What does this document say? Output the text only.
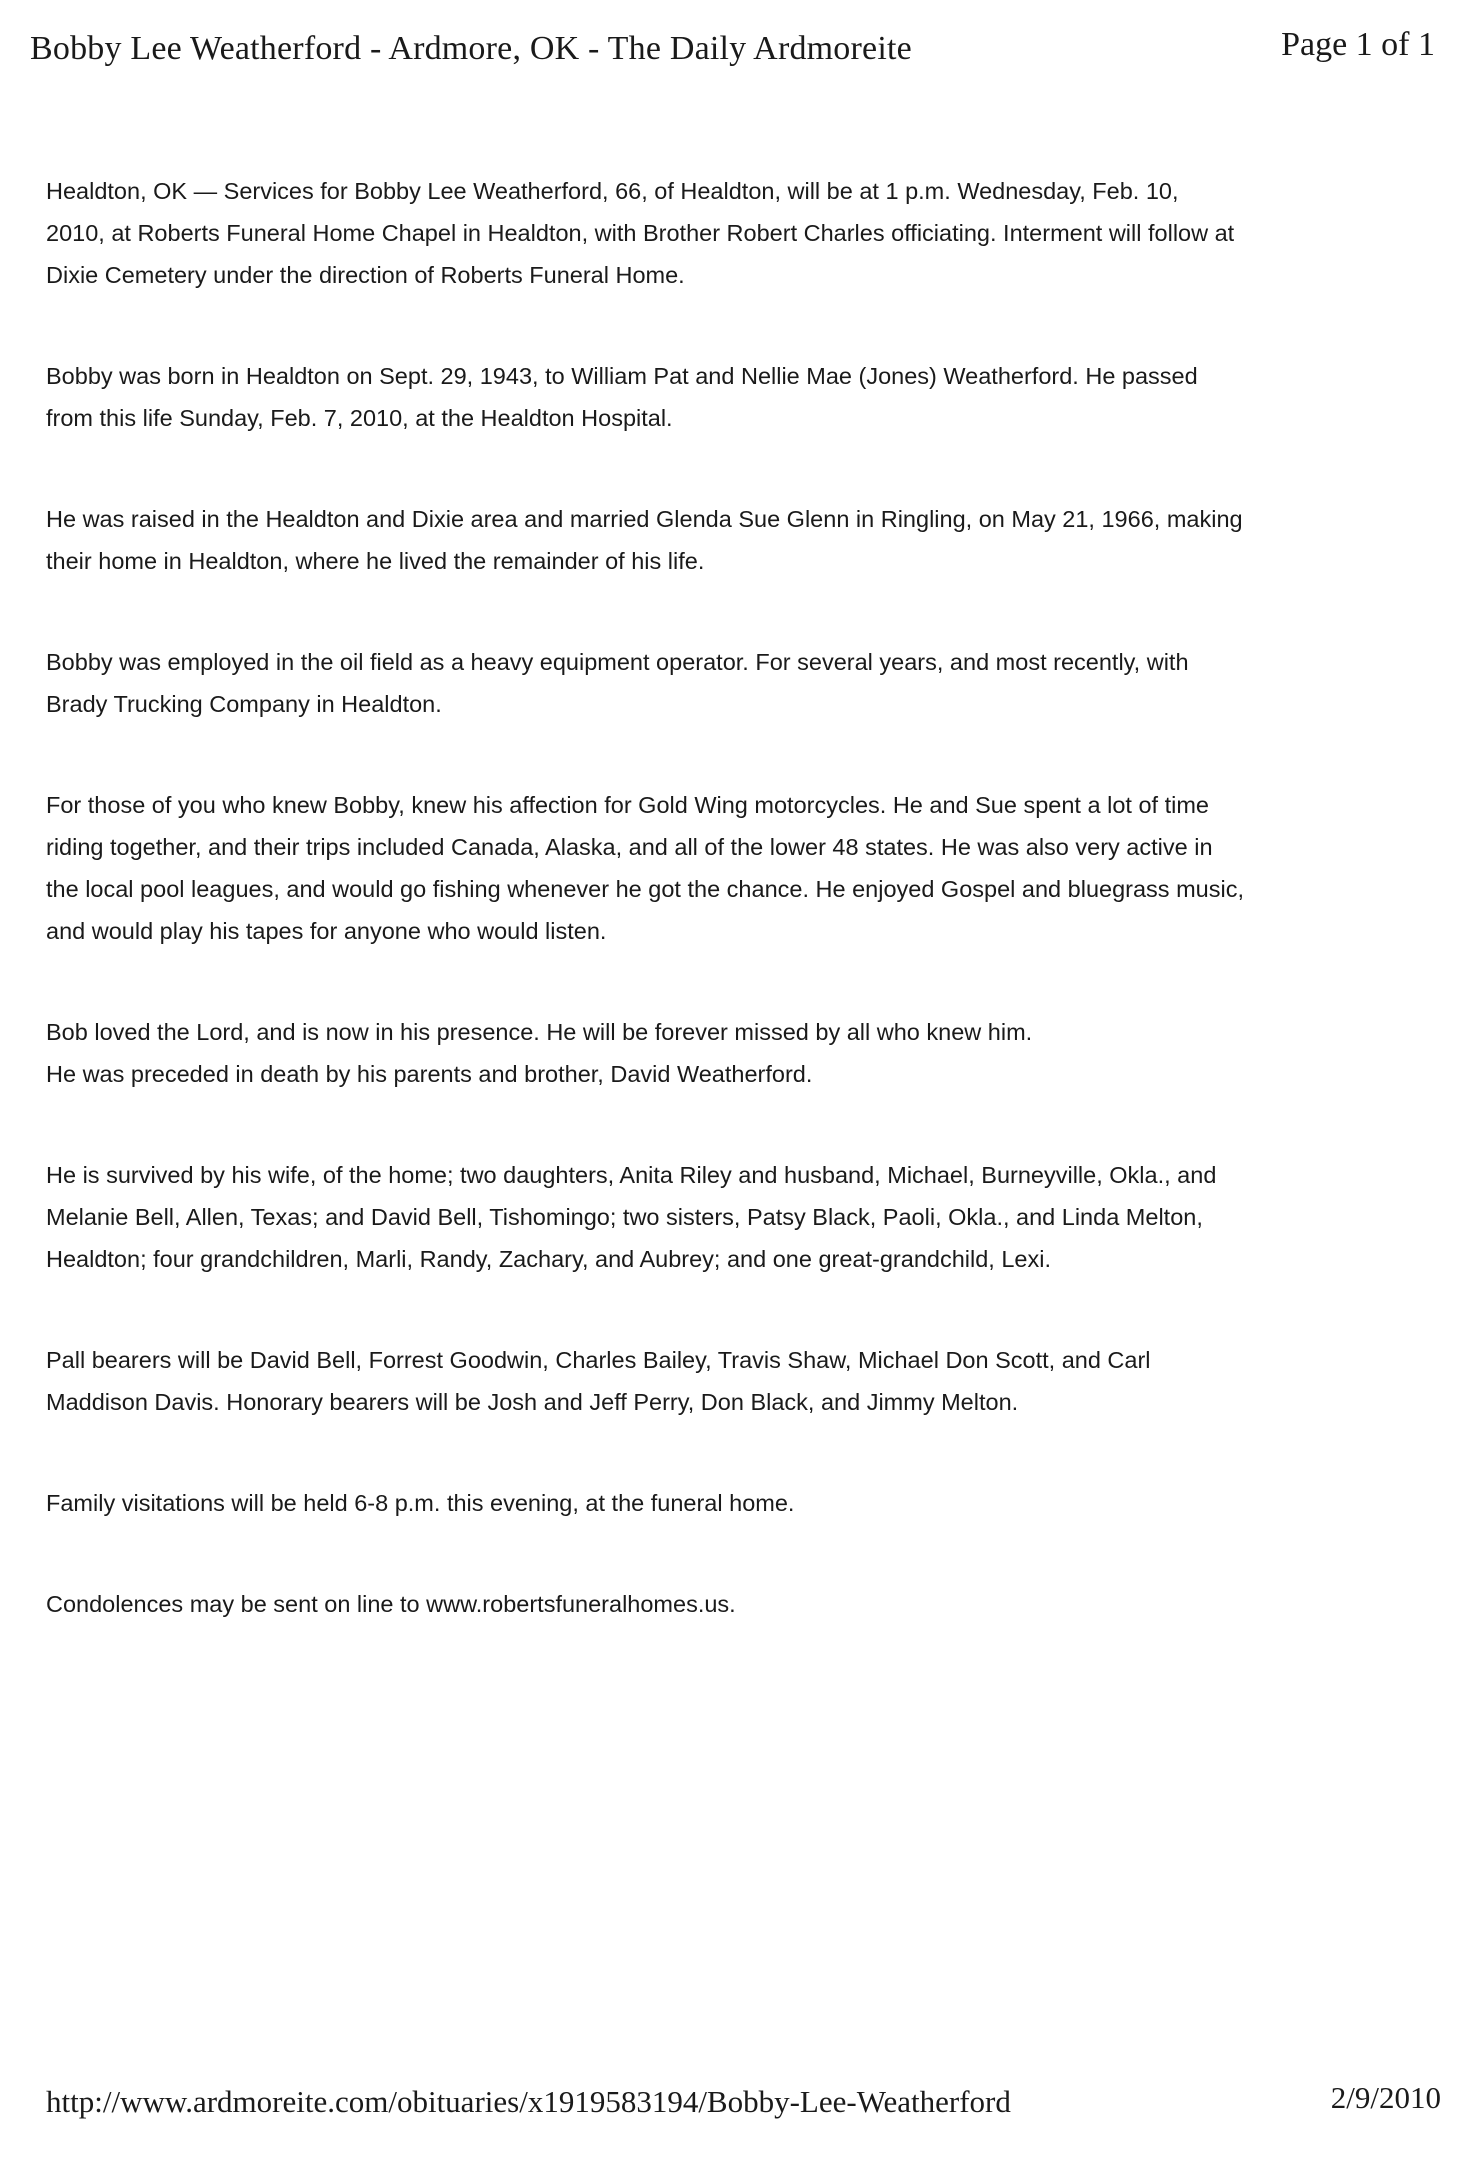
Bobby Lee Weatherford - Ardmore, OK - The Daily Ardmoreite	Page 1 of 1

Healdton, OK — Services for Bobby Lee Weatherford, 66, of Healdton, will be at 1 p.m. Wednesday, Feb. 10,
2010, at Roberts Funeral Home Chapel in Healdton, with Brother Robert Charles officiating. Interment will follow at
Dixie Cemetery under the direction of Roberts Funeral Home.

Bobby was born in Healdton on Sept. 29, 1943, to William Pat and Nellie Mae (Jones) Weatherford. He passed
from this life Sunday, Feb. 7, 2010, at the Healdton Hospital.

He was raised in the Healdton and Dixie area and married Glenda Sue Glenn in Ringling, on May 21, 1966, making
their home in Healdton, where he lived the remainder of his life.

Bobby was employed in the oil field as a heavy equipment operator. For several years, and most recently, with
Brady Trucking Company in Healdton.

For those of you who knew Bobby, knew his affection for Gold Wing motorcycles. He and Sue spent a lot of time
riding together, and their trips included Canada, Alaska, and all of the lower 48 states. He was also very active in
the local pool leagues, and would go fishing whenever he got the chance. He enjoyed Gospel and bluegrass music,
and would play his tapes for anyone who would listen.

Bob loved the Lord, and is now in his presence. He will be forever missed by all who knew him.
He was preceded in death by his parents and brother, David Weatherford.

He is survived by his wife, of the home; two daughters, Anita Riley and husband, Michael, Burneyville, Okla., and
Melanie Bell, Allen, Texas; and David Bell, Tishomingo; two sisters, Patsy Black, Paoli, Okla., and Linda Melton,
Healdton; four grandchildren, Marli, Randy, Zachary, and Aubrey; and one great-grandchild, Lexi.

Pall bearers will be David Bell, Forrest Goodwin, Charles Bailey, Travis Shaw, Michael Don Scott, and Carl
Maddison Davis. Honorary bearers will be Josh and Jeff Perry, Don Black, and Jimmy Melton.

Family visitations will be held 6-8 p.m. this evening, at the funeral home.

Condolences may be sent on line to www.robertsfuneralhomes.us.

http://www.ardmoreite.com/obituaries/x1919583194/Bobby-Lee-Weatherford	2/9/2010
